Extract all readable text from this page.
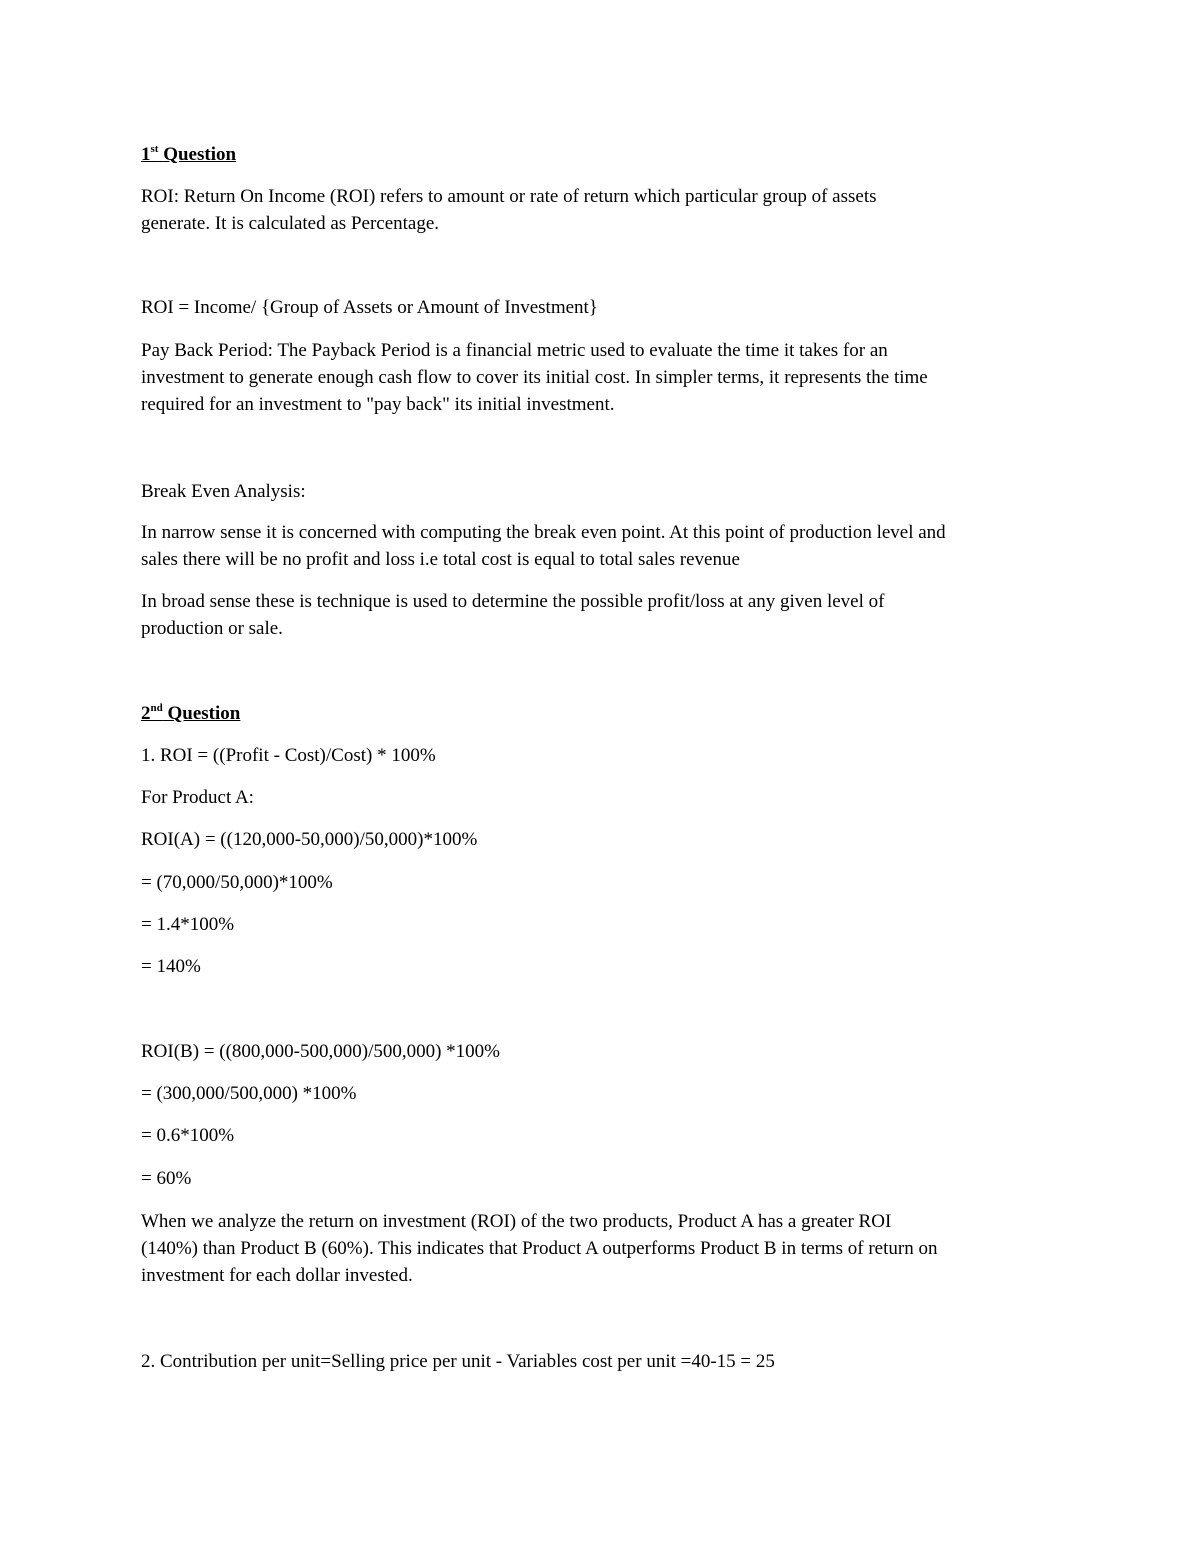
1st Question
ROI: Return On Income (ROI) refers to amount or rate of return which particular group of assets
generate. It is calculated as Percentage.
ROI = Income/ {Group of Assets or Amount of Investment}
Pay Back Period: The Payback Period is a financial metric used to evaluate the time it takes for an
investment to generate enough cash flow to cover its initial cost. In simpler terms, it represents the time
required for an investment to "pay back" its initial investment.
Break Even Analysis:
In narrow sense it is concerned with computing the break even point. At this point of production level and
sales there will be no profit and loss i.e total cost is equal to total sales revenue
In broad sense these is technique is used to determine the possible profit/loss at any given level of
production or sale.
2nd Question
1. ROI = ((Profit - Cost)/Cost) * 100%
For Product A:
ROI(A) = ((120,000-50,000)/50,000)*100%
= (70,000/50,000)*100%
= 1.4*100%
= 140%
ROI(B) = ((800,000-500,000)/500,000) *100%
= (300,000/500,000) *100%
= 0.6*100%
= 60%
When we analyze the return on investment (ROI) of the two products, Product A has a greater ROI
(140%) than Product B (60%). This indicates that Product A outperforms Product B in terms of return on
investment for each dollar invested.
2. Contribution per unit=Selling price per unit - Variables cost per unit =40-15 = 25
